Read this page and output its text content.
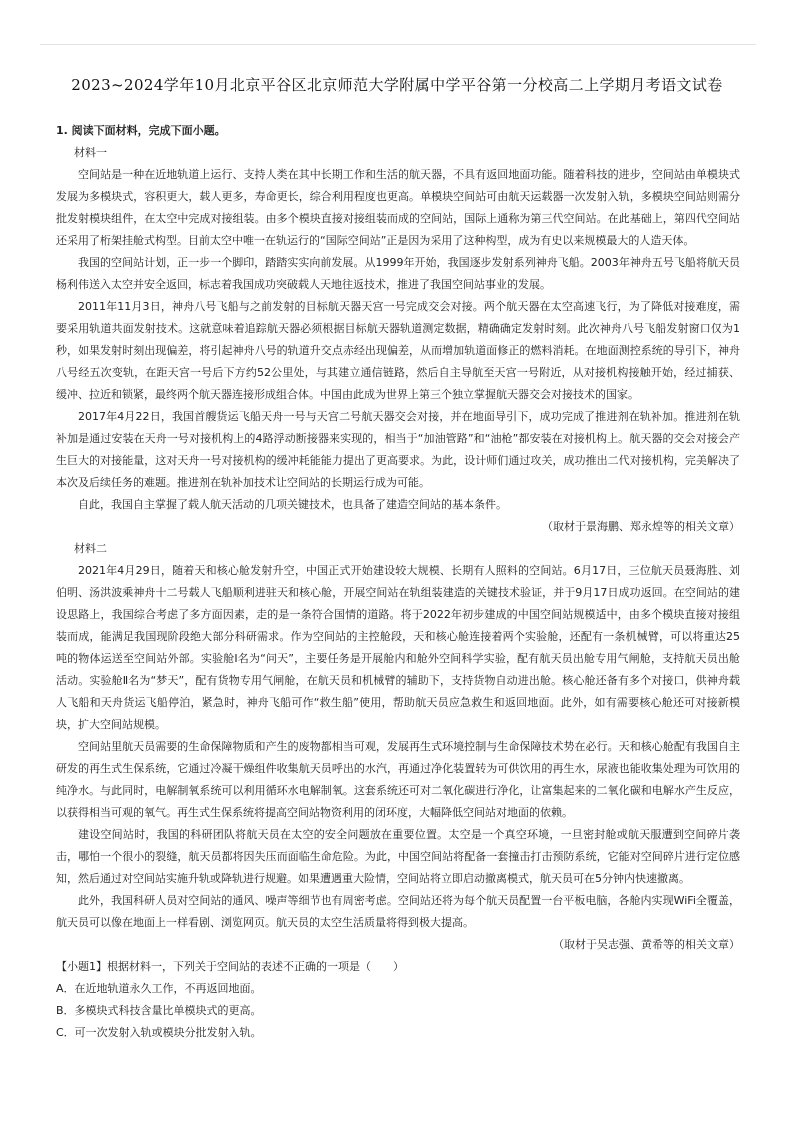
2023~2024学年10月北京平谷区北京师范大学附属中学平谷第一分校高二上学期月考语文试卷

1. 阅读下面材料，完成下面小题。

材料一

空间站是一种在近地轨道上运行、支持人类在其中长期工作和生活的航天器，不具有返回地面功能。随着科技的进步，空间站由单模块式发展为多模块式，容积更大，载人更多，寿命更长，综合利用程度也更高。单模块空间站可由航天运载器一次发射入轨，多模块空间站则需分批发射模块组件，在太空中完成对接组装。由多个模块直接对接组装而成的空间站，国际上通称为第三代空间站。在此基础上，第四代空间站还采用了桁架挂舱式构型。目前太空中唯一在轨运行的“国际空间站”正是因为采用了这种构型，成为有史以来规模最大的人造天体。

我国的空间站计划，正一步一个脚印，踏踏实实向前发展。从1999年开始，我国逐步发射系列神舟飞船。2003年神舟五号飞船将航天员杨利伟送入太空并安全返回，标志着我国成功突破载人天地往返技术，推进了我国空间站事业的发展。

2011年11月3日，神舟八号飞船与之前发射的目标航天器天宫一号完成交会对接。两个航天器在太空高速飞行，为了降低对接难度，需要采用轨道共面发射技术。这就意味着追踪航天器必须根据目标航天器轨道测定数据，精确确定发射时刻。此次神舟八号飞船发射窗口仅为1秒，如果发射时刻出现偏差，将引起神舟八号的轨道升交点赤经出现偏差，从而增加轨道面修正的燃料消耗。在地面测控系统的导引下，神舟八号经五次变轨，在距天宫一号后下方约52公里处，与其建立通信链路，然后自主导航至天宫一号附近，从对接机构接触开始，经过捕获、缓冲、拉近和锁紧，最终两个航天器连接形成组合体。中国由此成为世界上第三个独立掌握航天器交会对接技术的国家。

2017年4月22日，我国首艘货运飞船天舟一号与天宫二号航天器交会对接，并在地面导引下，成功完成了推进剂在轨补加。推进剂在轨补加是通过安装在天舟一号对接机构上的4路浮动断接器来实现的，相当于“加油管路”和“油枪”都安装在对接机构上。航天器的交会对接会产生巨大的对接能量，这对天舟一号对接机构的缓冲耗能能力提出了更高要求。为此，设计师们通过攻关，成功推出二代对接机构，完美解决了本次及后续任务的难题。推进剂在轨补加技术让空间站的长期运行成为可能。

自此，我国自主掌握了载人航天活动的几项关键技术，也具备了建造空间站的基本条件。

（取材于景海鹏、郑永煌等的相关文章）

材料二

2021年4月29日，随着天和核心舱发射升空，中国正式开始建设较大规模、长期有人照料的空间站。6月17日，三位航天员聂海胜、刘伯明、汤洪波乘神舟十二号载人飞船顺利进驻天和核心舱，开展空间站在轨组装建造的关键技术验证，并于9月17日成功返回。在空间站的建设思路上，我国综合考虑了多方面因素，走的是一条符合国情的道路。将于2022年初步建成的中国空间站规模适中，由多个模块直接对接组装而成，能满足我国现阶段绝大部分科研需求。作为空间站的主控舱段，天和核心舱连接着两个实验舱，还配有一条机械臂，可以将重达25吨的物体运送至空间站外部。实验舱Ⅰ名为“问天”，主要任务是开展舱内和舱外空间科学实验，配有航天员出舱专用气闸舱，支持航天员出舱活动。实验舱Ⅱ名为“梦天”，配有货物专用气闸舱，在航天员和机械臂的辅助下，支持货物自动进出舱。核心舱还备有多个对接口，供神舟载人飞船和天舟货运飞船停泊，紧急时，神舟飞船可作“救生船”使用，帮助航天员应急救生和返回地面。此外，如有需要核心舱还可对接新模块，扩大空间站规模。

空间站里航天员需要的生命保障物质和产生的废物都相当可观，发展再生式环境控制与生命保障技术势在必行。天和核心舱配有我国自主研发的再生式生保系统，它通过冷凝干燥组件收集航天员呼出的水汽，再通过净化装置转为可供饮用的再生水，尿液也能收集处理为可饮用的纯净水。与此同时，电解制氧系统可以利用循环水电解制氧。这套系统还可对二氧化碳进行净化，让富集起来的二氧化碳和电解水产生反应，以获得相当可观的氧气。再生式生保系统将提高空间站物资利用的闭环度，大幅降低空间站对地面的依赖。

建设空间站时，我国的科研团队将航天员在太空的安全问题放在重要位置。太空是一个真空环境，一旦密封舱或航天服遭到空间碎片袭击，哪怕一个很小的裂缝，航天员都将因失压而面临生命危险。为此，中国空间站将配备一套撞击打击预防系统，它能对空间碎片进行定位感知，然后通过对空间站实施升轨或降轨进行规避。如果遭遇重大险情，空间站将立即启动撤离模式，航天员可在5分钟内快速撤离。

此外，我国科研人员对空间站的通风、噪声等细节也有周密考虑。空间站还将为每个航天员配置一台平板电脑，各舱内实现WiFi全覆盖，航天员可以像在地面上一样看剧、浏览网页。航天员的太空生活质量将得到极大提高。

（取材于吴志强、黄希等的相关文章）

【小题1】根据材料一，下列关于空间站的表述不正确的一项是（　　）

A．在近地轨道永久工作，不再返回地面。

B．多模块式科技含量比单模块式的更高。

C．可一次发射入轨或模块分批发射入轨。
